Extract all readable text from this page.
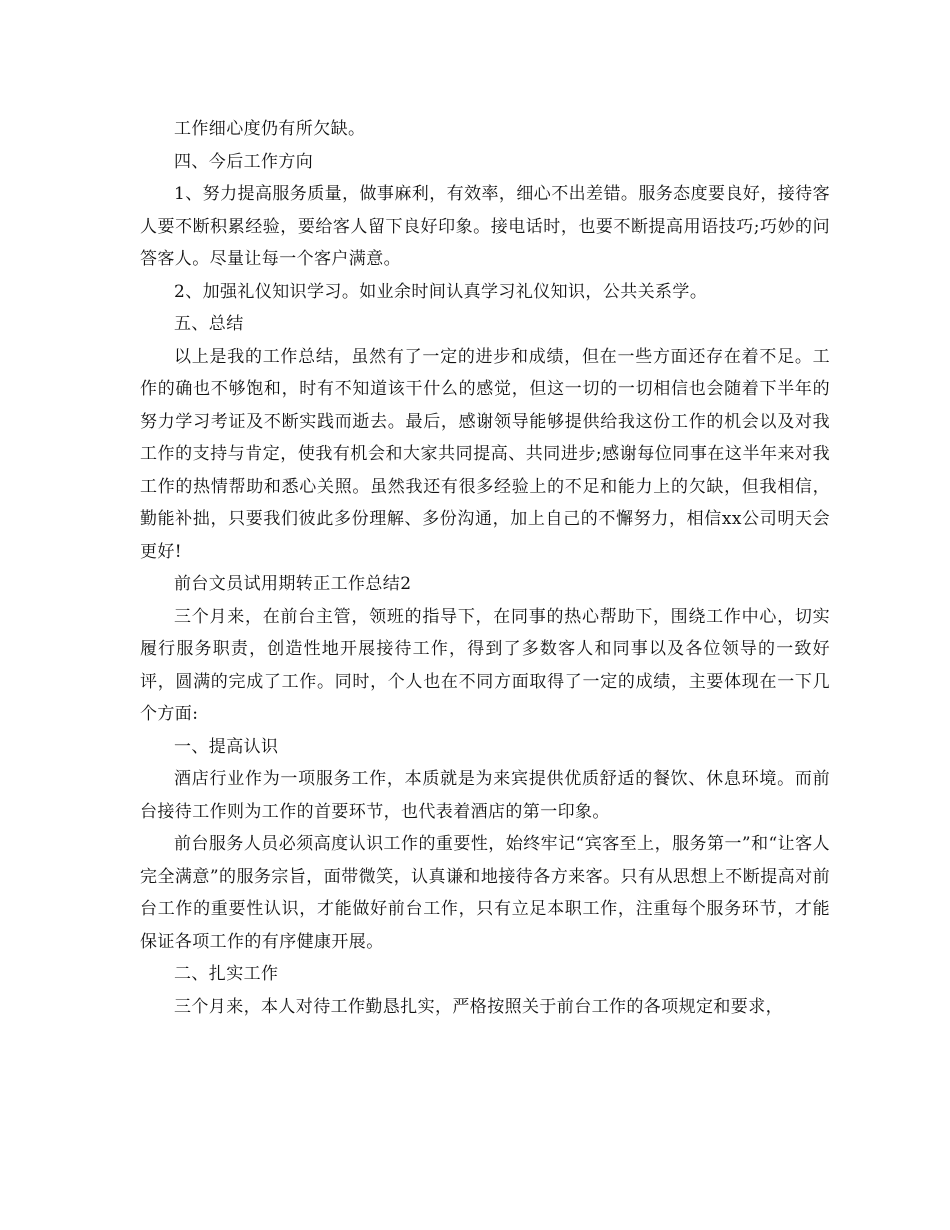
工作细心度仍有所欠缺。

四、今后工作方向

1、努力提高服务质量，做事麻利，有效率，细心不出差错。服务态度要良好，接待客人要不断积累经验，要给客人留下良好印象。接电话时，也要不断提高用语技巧;巧妙的问答客人。尽量让每一个客户满意。

2、加强礼仪知识学习。如业余时间认真学习礼仪知识，公共关系学。

五、总结

以上是我的工作总结，虽然有了一定的进步和成绩，但在一些方面还存在着不足。工作的确也不够饱和，时有不知道该干什么的感觉，但这一切的一切相信也会随着下半年的努力学习考证及不断实践而逝去。最后，感谢领导能够提供给我这份工作的机会以及对我工作的支持与肯定，使我有机会和大家共同提高、共同进步;感谢每位同事在这半年来对我工作的热情帮助和悉心关照。虽然我还有很多经验上的不足和能力上的欠缺，但我相信，勤能补拙，只要我们彼此多份理解、多份沟通，加上自己的不懈努力，相信xx公司明天会更好!

前台文员试用期转正工作总结2

三个月来，在前台主管，领班的指导下，在同事的热心帮助下，围绕工作中心，切实履行服务职责，创造性地开展接待工作，得到了多数客人和同事以及各位领导的一致好评，圆满的完成了工作。同时，个人也在不同方面取得了一定的成绩，主要体现在一下几个方面:

一、提高认识

酒店行业作为一项服务工作，本质就是为来宾提供优质舒适的餐饮、休息环境。而前台接待工作则为工作的首要环节，也代表着酒店的第一印象。

前台服务人员必须高度认识工作的重要性，始终牢记“宾客至上，服务第一”和“让客人完全满意”的服务宗旨，面带微笑，认真谦和地接待各方来客。只有从思想上不断提高对前台工作的重要性认识，才能做好前台工作，只有立足本职工作，注重每个服务环节，才能保证各项工作的有序健康开展。

二、扎实工作

三个月来，本人对待工作勤恳扎实，严格按照关于前台工作的各项规定和要求，
